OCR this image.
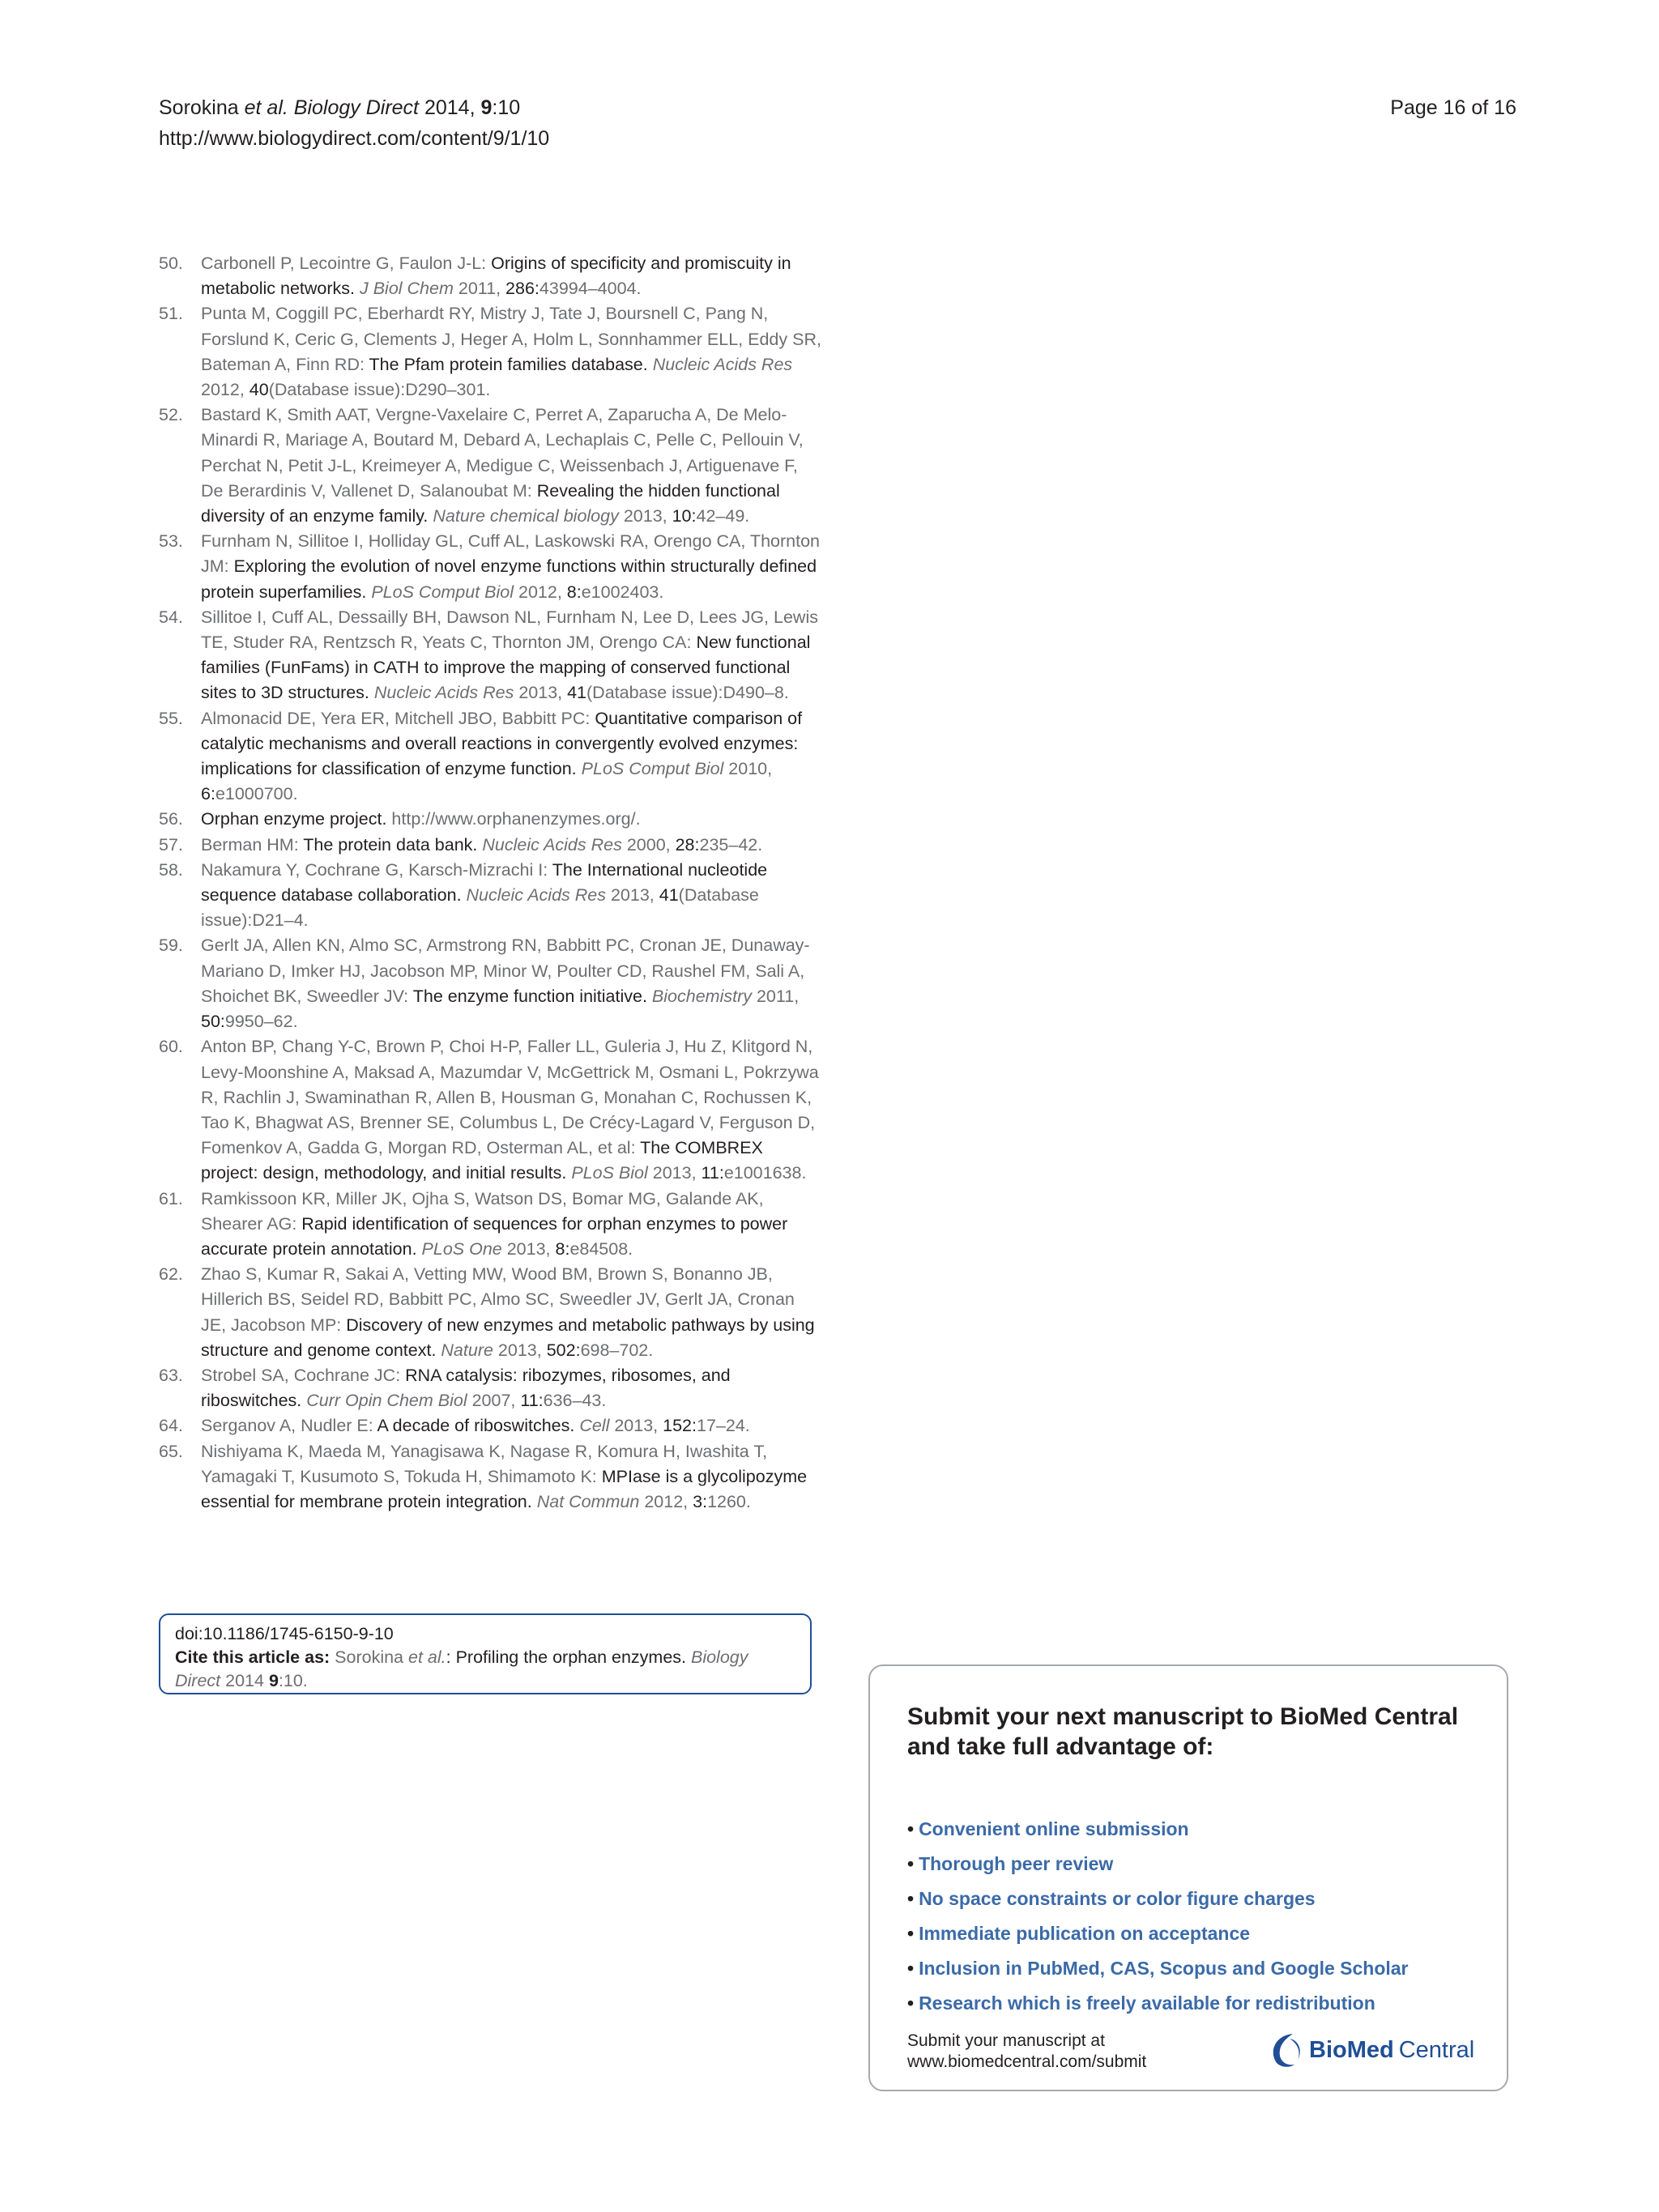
Sorokina et al. Biology Direct 2014, 9:10
http://www.biologydirect.com/content/9/1/10
Page 16 of 16
50.	Carbonell P, Lecointre G, Faulon J-L: Origins of specificity and promiscuity in metabolic networks. J Biol Chem 2011, 286:43994–4004.
51.	Punta M, Coggill PC, Eberhardt RY, Mistry J, Tate J, Boursnell C, Pang N, Forslund K, Ceric G, Clements J, Heger A, Holm L, Sonnhammer ELL, Eddy SR, Bateman A, Finn RD: The Pfam protein families database. Nucleic Acids Res 2012, 40(Database issue):D290–301.
52.	Bastard K, Smith AAT, Vergne-Vaxelaire C, Perret A, Zaparucha A, De Melo-Minardi R, Mariage A, Boutard M, Debard A, Lechaplais C, Pelle C, Pellouin V, Perchat N, Petit J-L, Kreimeyer A, Medigue C, Weissenbach J, Artiguenave F, De Berardinis V, Vallenet D, Salanoubat M: Revealing the hidden functional diversity of an enzyme family. Nature chemical biology 2013, 10:42–49.
53.	Furnham N, Sillitoe I, Holliday GL, Cuff AL, Laskowski RA, Orengo CA, Thornton JM: Exploring the evolution of novel enzyme functions within structurally defined protein superfamilies. PLoS Comput Biol 2012, 8:e1002403.
54.	Sillitoe I, Cuff AL, Dessailly BH, Dawson NL, Furnham N, Lee D, Lees JG, Lewis TE, Studer RA, Rentzsch R, Yeats C, Thornton JM, Orengo CA: New functional families (FunFams) in CATH to improve the mapping of conserved functional sites to 3D structures. Nucleic Acids Res 2013, 41(Database issue):D490–8.
55.	Almonacid DE, Yera ER, Mitchell JBO, Babbitt PC: Quantitative comparison of catalytic mechanisms and overall reactions in convergently evolved enzymes: implications for classification of enzyme function. PLoS Comput Biol 2010, 6:e1000700.
56.	Orphan enzyme project. http://www.orphanenzymes.org/.
57.	Berman HM: The protein data bank. Nucleic Acids Res 2000, 28:235–42.
58.	Nakamura Y, Cochrane G, Karsch-Mizrachi I: The International nucleotide sequence database collaboration. Nucleic Acids Res 2013, 41(Database issue):D21–4.
59.	Gerlt JA, Allen KN, Almo SC, Armstrong RN, Babbitt PC, Cronan JE, Dunaway-Mariano D, Imker HJ, Jacobson MP, Minor W, Poulter CD, Raushel FM, Sali A, Shoichet BK, Sweedler JV: The enzyme function initiative. Biochemistry 2011, 50:9950–62.
60.	Anton BP, Chang Y-C, Brown P, Choi H-P, Faller LL, Guleria J, Hu Z, Klitgord N, Levy-Moonshine A, Maksad A, Mazumdar V, McGettrick M, Osmani L, Pokrzywa R, Rachlin J, Swaminathan R, Allen B, Housman G, Monahan C, Rochussen K, Tao K, Bhagwat AS, Brenner SE, Columbus L, De Crécy-Lagard V, Ferguson D, Fomenkov A, Gadda G, Morgan RD, Osterman AL, et al: The COMBREX project: design, methodology, and initial results. PLoS Biol 2013, 11:e1001638.
61.	Ramkissoon KR, Miller JK, Ojha S, Watson DS, Bomar MG, Galande AK, Shearer AG: Rapid identification of sequences for orphan enzymes to power accurate protein annotation. PLoS One 2013, 8:e84508.
62.	Zhao S, Kumar R, Sakai A, Vetting MW, Wood BM, Brown S, Bonanno JB, Hillerich BS, Seidel RD, Babbitt PC, Almo SC, Sweedler JV, Gerlt JA, Cronan JE, Jacobson MP: Discovery of new enzymes and metabolic pathways by using structure and genome context. Nature 2013, 502:698–702.
63.	Strobel SA, Cochrane JC: RNA catalysis: ribozymes, ribosomes, and riboswitches. Curr Opin Chem Biol 2007, 11:636–43.
64.	Serganov A, Nudler E: A decade of riboswitches. Cell 2013, 152:17–24.
65.	Nishiyama K, Maeda M, Yanagisawa K, Nagase R, Komura H, Iwashita T, Yamagaki T, Kusumoto S, Tokuda H, Shimamoto K: MPIase is a glycolipozyme essential for membrane protein integration. Nat Commun 2012, 3:1260.
doi:10.1186/1745-6150-9-10
Cite this article as: Sorokina et al.: Profiling the orphan enzymes. Biology Direct 2014 9:10.
Submit your next manuscript to BioMed Central and take full advantage of:
• Convenient online submission
• Thorough peer review
• No space constraints or color figure charges
• Immediate publication on acceptance
• Inclusion in PubMed, CAS, Scopus and Google Scholar
• Research which is freely available for redistribution
Submit your manuscript at
www.biomedcentral.com/submit	BioMed Central
